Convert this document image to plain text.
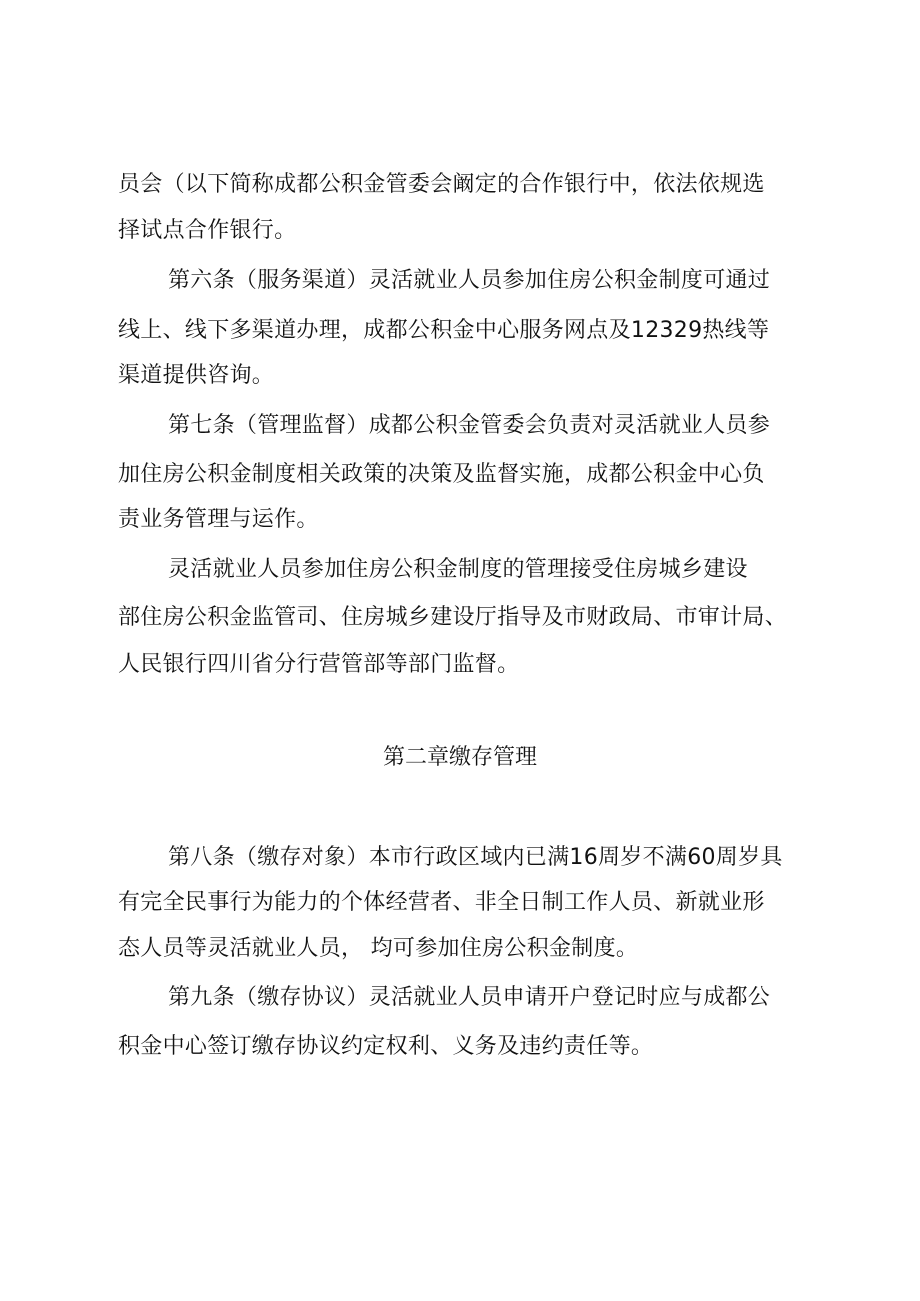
员会（以下简称成都公积金管委会阚定的合作银行中，依法依规选
择试点合作银行。
第六条（服务渠道）灵活就业人员参加住房公积金制度可通过
线上、线下多渠道办理，成都公积金中心服务网点及12329热线等
渠道提供咨询。
第七条（管理监督）成都公积金管委会负责对灵活就业人员参
加住房公积金制度相关政策的决策及监督实施，成都公积金中心负
责业务管理与运作。
灵活就业人员参加住房公积金制度的管理接受住房城乡建设
部住房公积金监管司、住房城乡建设厅指导及市财政局、市审计局、
人民银行四川省分行营管部等部门监督。
第二章缴存管理
第八条（缴存对象）本市行政区域内已满16周岁不满60周岁具
有完全民事行为能力的个体经营者、非全日制工作人员、新就业形
态人员等灵活就业人员， 均可参加住房公积金制度。
第九条（缴存协议）灵活就业人员申请开户登记时应与成都公
积金中心签订缴存协议约定权利、义务及违约责任等。
